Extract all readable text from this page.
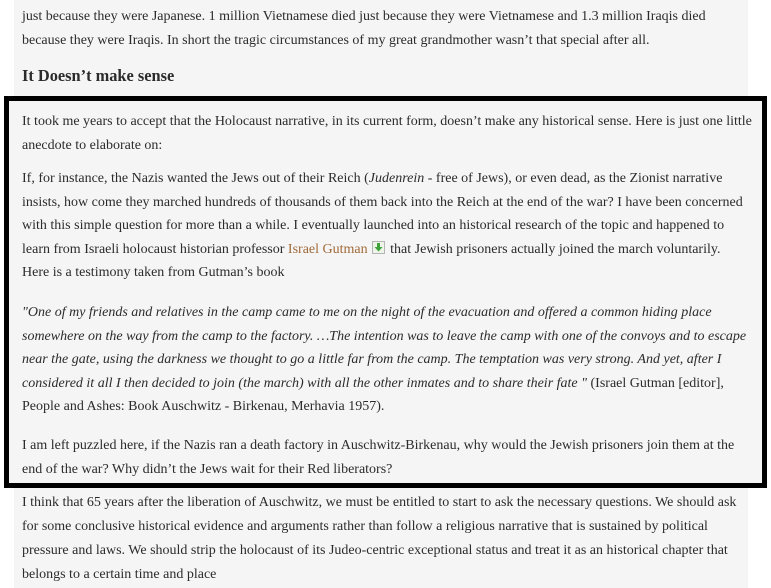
just because they were Japanese. 1 million Vietnamese died just because they were Vietnamese and 1.3 million Iraqis died
because they were Iraqis. In short the tragic circumstances of my great grandmother wasn’t that special after all.

It Doesn’t make sense

It took me years to accept that the Holocaust narrative, in its current form, doesn’t make any historical sense. Here is just one little
anecdote to elaborate on:

If, for instance, the Nazis wanted the Jews out of their Reich (Judenrein - free of Jews), or even dead, as the Zionist narrative
insists, how come they marched hundreds of thousands of them back into the Reich at the end of the war? I have been concerned
with this simple question for more than a while. I eventually launched into an historical research of the topic and happened to
learn from Israeli holocaust historian professor Israel Gutman
that Jewish prisoners actually joined the march voluntarily.
Here is a testimony taken from Gutman’s book

"One of my friends and relatives in the camp came to me on the night of the evacuation and offered a common hiding place
somewhere on the way from the camp to the factory. …The intention was to leave the camp with one of the convoys and to escape
near the gate, using the darkness we thought to go a little far from the camp. The temptation was very strong. And yet, after I
considered it all I then decided to join (the march) with all the other inmates and to share their fate " (Israel Gutman [editor],
People and Ashes: Book Auschwitz - Birkenau, Merhavia 1957).

I am left puzzled here, if the Nazis ran a death factory in Auschwitz-Birkenau, why would the Jewish prisoners join them at the
end of the war? Why didn’t the Jews wait for their Red liberators?

I think that 65 years after the liberation of Auschwitz, we must be entitled to start to ask the necessary questions. We should ask
for some conclusive historical evidence and arguments rather than follow a religious narrative that is sustained by political
pressure and laws. We should strip the holocaust of its Judeo-centric exceptional status and treat it as an historical chapter that
belongs to a certain time and place
